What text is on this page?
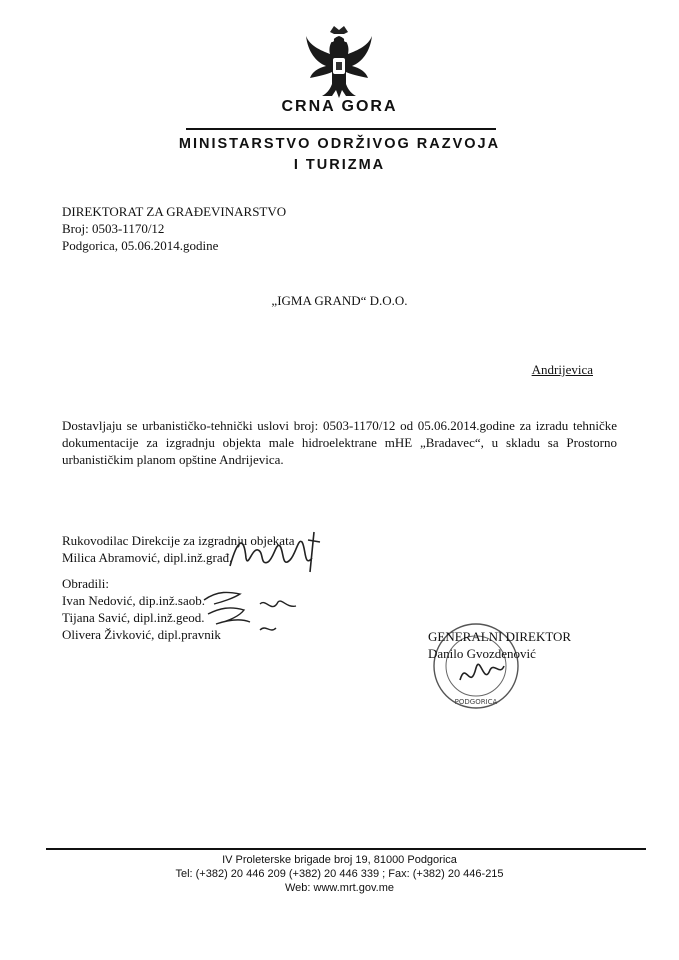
CRNA GORA
MINISTARSTVO ODRŽIVOG RAZVOJA
I TURIZMA
DIREKTORAT ZA GRAĐEVINARSTVO
Broj: 0503-1170/12
Podgorica, 05.06.2014.godine
„IGMA GRAND“ D.O.O.
Andrijevica
Dostavljaju se urbanističko-tehnički uslovi broj: 0503-1170/12 od 05.06.2014.godine za izradu tehničke dokumentacije za izgradnju objekta male hidroelektrane mHE „Bradavec“, u skladu sa Prostorno urbanističkim planom opštine Andrijevica.
Rukovodilac Direkcije za izgradnju objekata
Milica Abramović, dipl.inž.građ.
Obradili:
Ivan Nedović, dip.inž.saob.
Tijana Savić, dipl.inž.geod.
Olivera Živković, dipl.pravnik
PODGORICA
GENERALNI DIREKTOR
Danilo Gvozdenović
IV Proleterske brigade broj 19, 81000 Podgorica
Tel: (+382) 20 446 209 (+382) 20 446 339 ; Fax: (+382) 20 446-215
Web: www.mrt.gov.me
